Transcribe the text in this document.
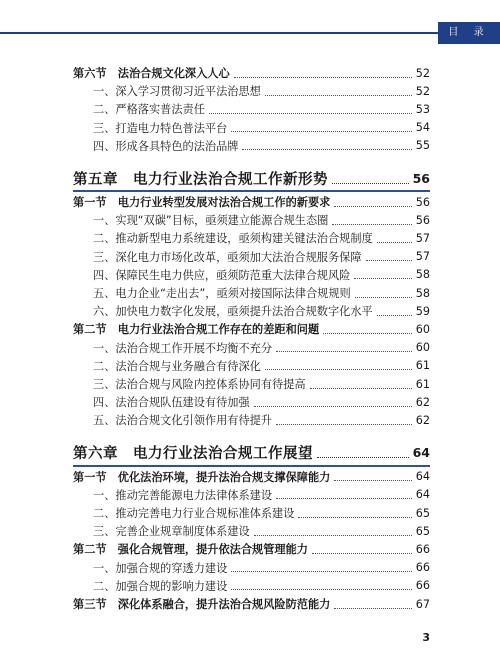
目 录
第六节　法治合规文化深入人心	52
一、深入学习贯彻习近平法治思想	52
二、严格落实普法责任	53
三、打造电力特色普法平台	54
四、形成各具特色的法治品牌	55
第五章　电力行业法治合规工作新形势	56
第一节　电力行业转型发展对法治合规工作的新要求	56
一、实现“双碳”目标，亟须建立能源合规生态圈	56
二、推动新型电力系统建设，亟须构建关键法治合规制度	57
三、深化电力市场化改革，亟须加大法治合规服务保障	57
四、保障民生电力供应，亟须防范重大法律合规风险	58
五、电力企业“走出去”，亟须对接国际法律合规规则	58
六、加快电力数字化发展，亟须提升法治合规数字化水平	59
第二节　电力行业法治合规工作存在的差距和问题	60
一、法治合规工作开展不均衡不充分	60
二、法治合规与业务融合有待深化	61
三、法治合规与风险内控体系协同有待提高	61
四、法治合规队伍建设有待加强	62
五、法治合规文化引领作用有待提升	62
第六章　电力行业法治合规工作展望	64
第一节　优化法治环境，提升法治合规支撑保障能力	64
一、推动完善能源电力法律体系建设	64
二、推动完善电力行业合规标准体系建设	65
三、完善企业规章制度体系建设	65
第二节　强化合规管理，提升依法合规管理能力	66
一、加强合规的穿透力建设	66
二、加强合规的影响力建设	66
第三节　深化体系融合，提升法治合规风险防范能力	67
3
